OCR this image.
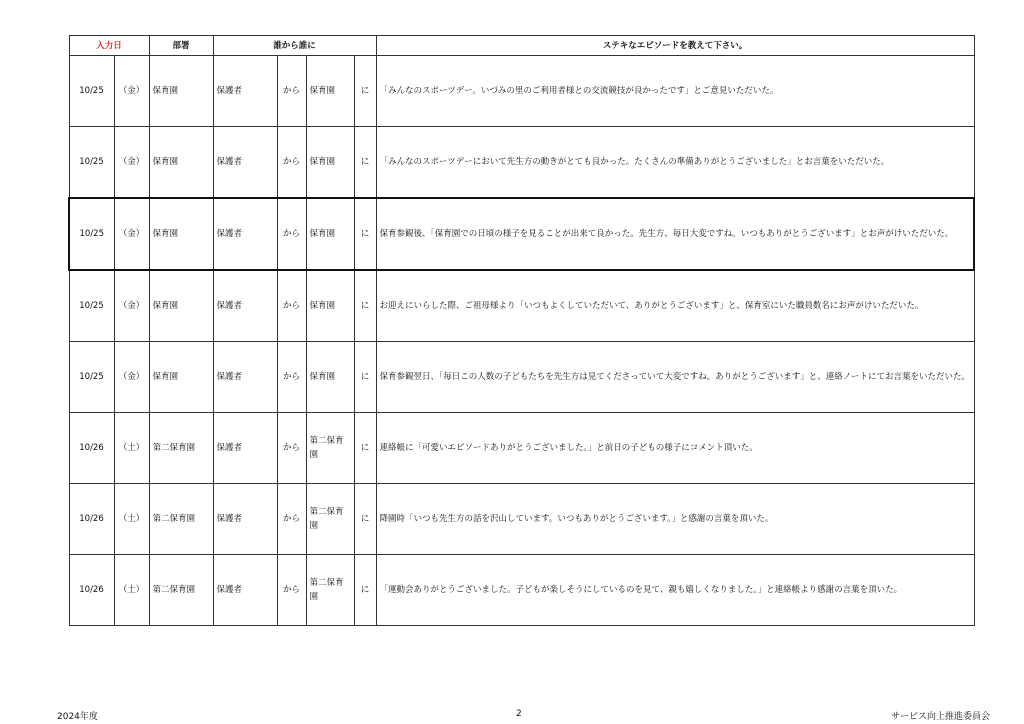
入力日		部署	誰から誰に				ステキなエピソードを教えて下さい。
10/25	（金）	保育園	保護者	から	保育園	に	「みんなのスポーツデー。いづみの里のご利用者様との交流競技が良かったです」とご意見いただいた。
10/25	（金）	保育園	保護者	から	保育園	に	「みんなのスポーツデーにおいて先生方の動きがとても良かった。たくさんの準備ありがとうございました」とお言葉をいただいた。
10/25	（金）	保育園	保護者	から	保育園	に	保育参観後、「保育園での日頃の様子を見ることが出来て良かった。先生方、毎日大変ですね。いつもありがとうございます」とお声がけいただいた。
10/25	（金）	保育園	保護者	から	保育園	に	お迎えにいらした際、ご祖母様より「いつもよくしていただいて、ありがとうございます」と、保育室にいた職員数名にお声がけいただいた。
10/25	（金）	保育園	保護者	から	保育園	に	保育参観翌日、「毎日この人数の子どもたちを先生方は見てくださっていて大変ですね。ありがとうございます」と、連絡ノートにてお言葉をいただいた。
10/26	（土）	第二保育園	保護者	から	第二保育園	に	連絡帳に「可愛いエピソードありがとうございました。」と前日の子どもの様子にコメント頂いた。
10/26	（土）	第二保育園	保護者	から	第二保育園	に	降園時「いつも先生方の話を沢山しています。いつもありがとうございます。」と感謝の言葉を頂いた。
10/26	（土）	第二保育園	保護者	から	第二保育園	に	「運動会ありがとうございました。子どもが楽しそうにしているのを見て、親も嬉しくなりました。」と連絡帳より感謝の言葉を頂いた。
2024年度	2	サービス向上推進委員会
